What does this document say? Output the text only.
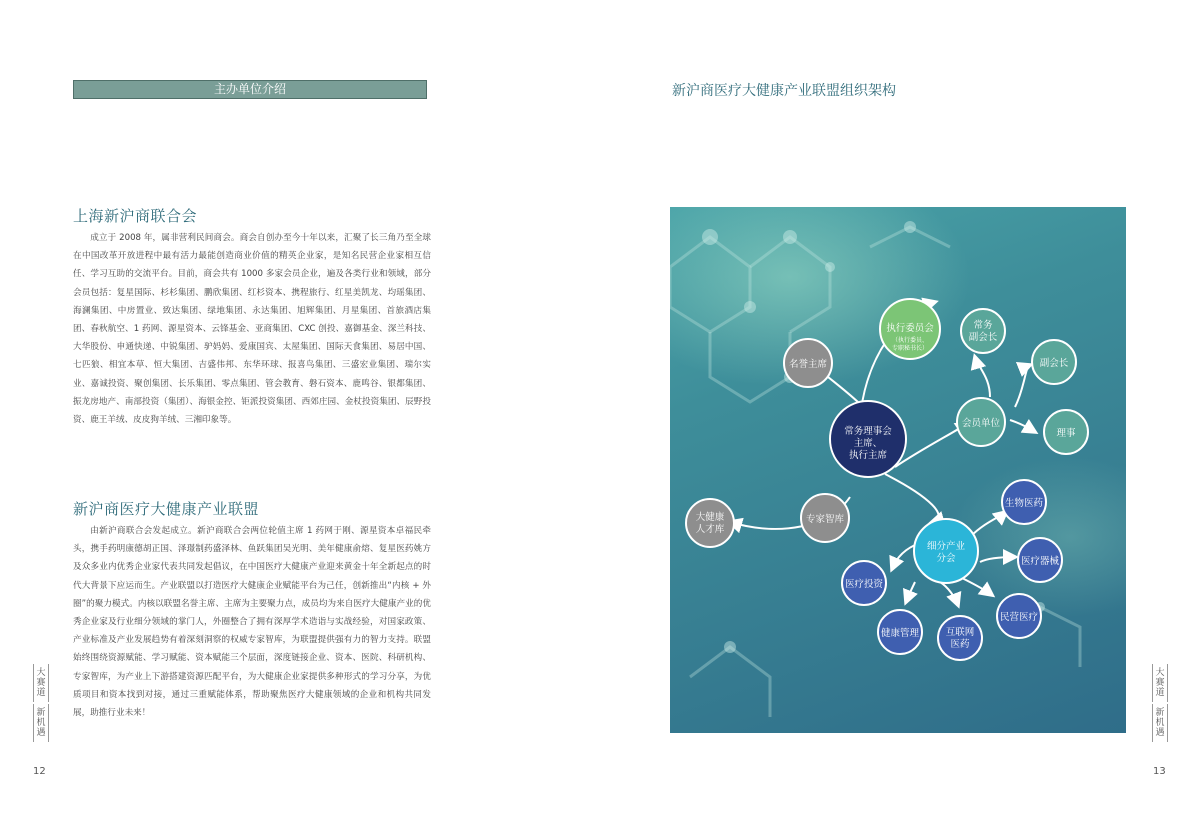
主办单位介绍
上海新沪商联合会

成立于 2008 年，属非营利民间商会。商会自创办至今十年以来，汇聚了长三角乃至全球在中国改革开放进程中最有活力最能创造商业价值的精英企业家，是知名民营企业家相互信任、学习互助的交流平台。目前，商会共有 1000 多家会员企业，遍及各类行业和领域，部分会员包括：复星国际、杉杉集团、鹏欣集团、红杉资本、携程旅行、红星美凯龙、均瑶集团、海澜集团、中房置业、致达集团、绿地集团、永达集团、旭辉集团、月星集团、首旅酒店集团、春秋航空、1 药网、源星资本、云锋基金、亚商集团、CXC 创投、嘉御基金、深兰科技、大华股份、申通快递、中锐集团、驴妈妈、爱康国宾、太屋集团、国际天食集团、易居中国、七匹狼、相宜本草、恒大集团、吉盛伟邦、东华环球、报喜鸟集团、三盛宏业集团、瑞尔实业、嘉诚投资、聚创集团、长乐集团、零点集团、管会教育、磐石资本、鹿鸣谷、银都集团、振龙房地产、南部投资（集团）、海银金控、钜派投资集团、西郊庄园、金杖投资集团、辰野投资、鹿王羊绒、皮皮狗羊绒、三湘印象等。

新沪商医疗大健康产业联盟

由新沪商联合会发起成立。新沪商联合会两位轮值主席 1 药网于刚、源星资本卓福民牵头，携手药明康德胡正国、泽璟制药盛泽林、鱼跃集团吴光明、美年健康俞熔、复星医药姚方及众多业内优秀企业家代表共同发起倡议，在中国医疗大健康产业迎来黄金十年全新起点的时代大背景下应运而生。产业联盟以打造医疗大健康企业赋能平台为己任，创新推出“内核 + 外圈”的聚力模式。内核以联盟名誉主席、主席为主要聚力点，成员均为来自医疗大健康产业的优秀企业家及行业细分领域的掌门人，外圈整合了拥有深厚学术造诣与实战经验，对国家政策、产业标准及产业发展趋势有着深刻洞察的权威专家智库，为联盟提供强有力的智力支持。联盟始终围绕资源赋能、学习赋能、资本赋能三个层面，深度链接企业、资本、医院、科研机构、专家智库，为产业上下游搭建资源匹配平台，为大健康企业家提供多种形式的学习分享，为优质项目和资本找到对接，通过三重赋能体系，帮助聚焦医疗大健康领域的企业和机构共同发展，助推行业未来！

大赛道
新机遇
12
新沪商医疗大健康产业联盟组织架构
常务理事会
主席、
执行主席
名誉主席
执行委员会
（执行委员、
专职秘书长）
常务
副会长
副会长
会员单位
理事
专家智库
大健康
人才库
细分产业
分会
生物医药
医疗器械
民营医疗
互联网
医药
健康管理
医疗投资
大赛道
新机遇
13
